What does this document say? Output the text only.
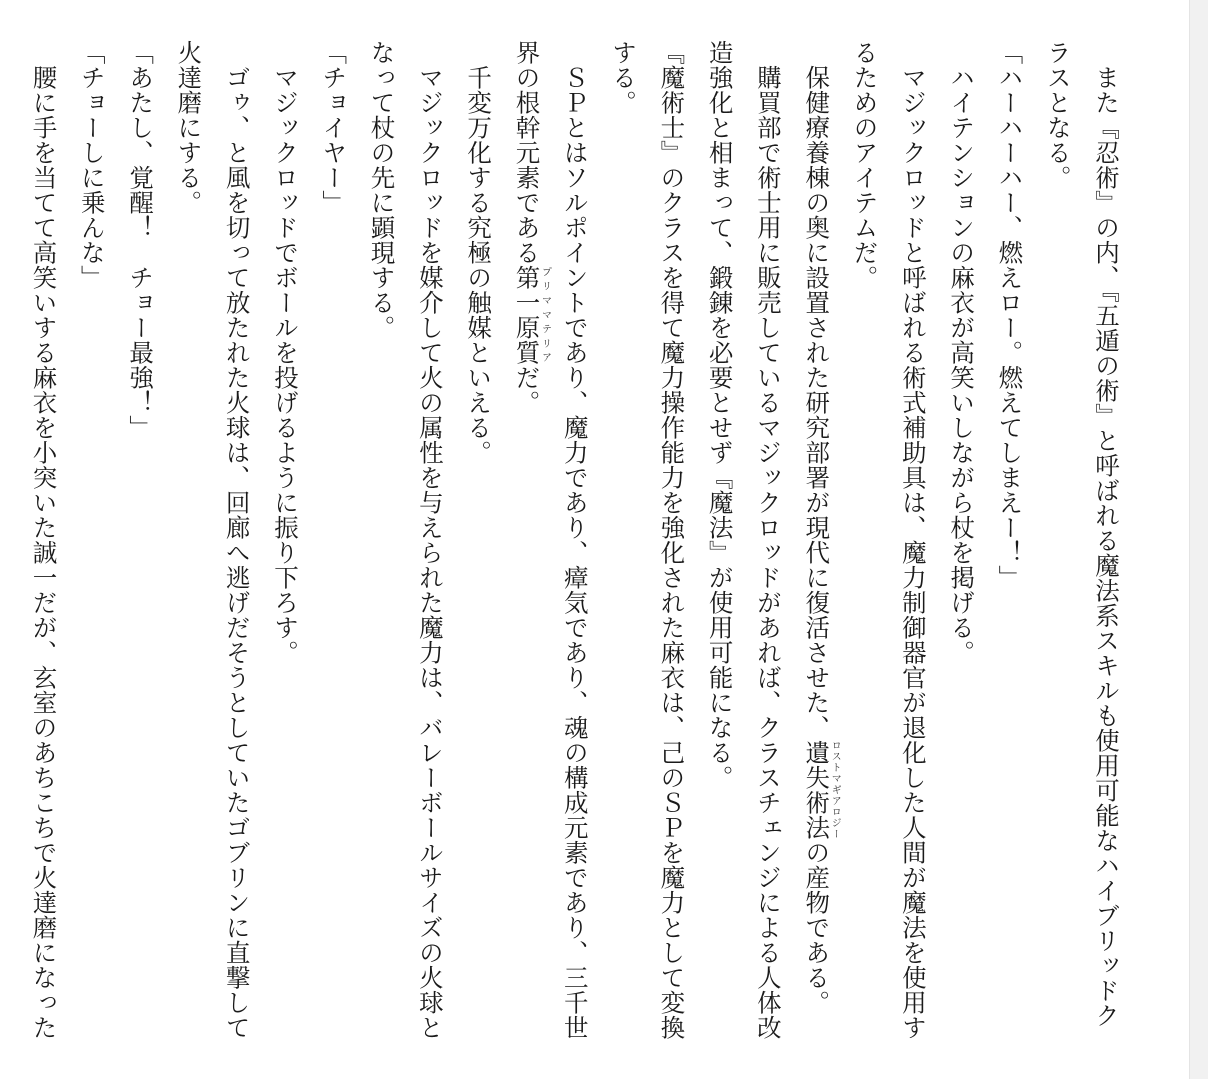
また『忍術』の内、『五遁の術』と呼ばれる魔法系スキルも使用可能なハイブリッドクラスとなる。

「ハーハーハー、燃えロー。燃えてしまえー！」

ハイテンションの麻衣が高笑いしながら杖を掲げる。

マジックロッドと呼ばれる術式補助具は、魔力制御器官が退化した人間が魔法を使用するためのアイテムだ。

保健療養棟の奥に設置された研究部署が現代に復活させた、遺失術法ロストマギアロジーの産物である。

購買部で術士用に販売しているマジックロッドがあれば、クラスチェンジによる人体改造強化と相まって、鍛錬を必要とせず『魔法』が使用可能になる。

『魔術士』のクラスを得て魔力操作能力を強化された麻衣は、己のＳＰを魔力として変換する。

ＳＰとはソルポイントであり、魔力であり、瘴気であり、魂の構成元素であり、三千世界の根幹元素である第一原質プリママテリアだ。

千変万化する究極の触媒といえる。

マジックロッドを媒介して火の属性を与えられた魔力は、バレーボールサイズの火球となって杖の先に顕現する。

「チョイヤー」

マジックロッドでボールを投げるように振り下ろす。

ゴゥ、と風を切って放たれた火球は、回廊へ逃げだそうとしていたゴブリンに直撃して火達磨にする。

「あたし、覚醒！　チョー最強！」

「チョーしに乗んな」

腰に手を当てて高笑いする麻衣を小突いた誠一だが、玄室のあちこちで火達磨になった
